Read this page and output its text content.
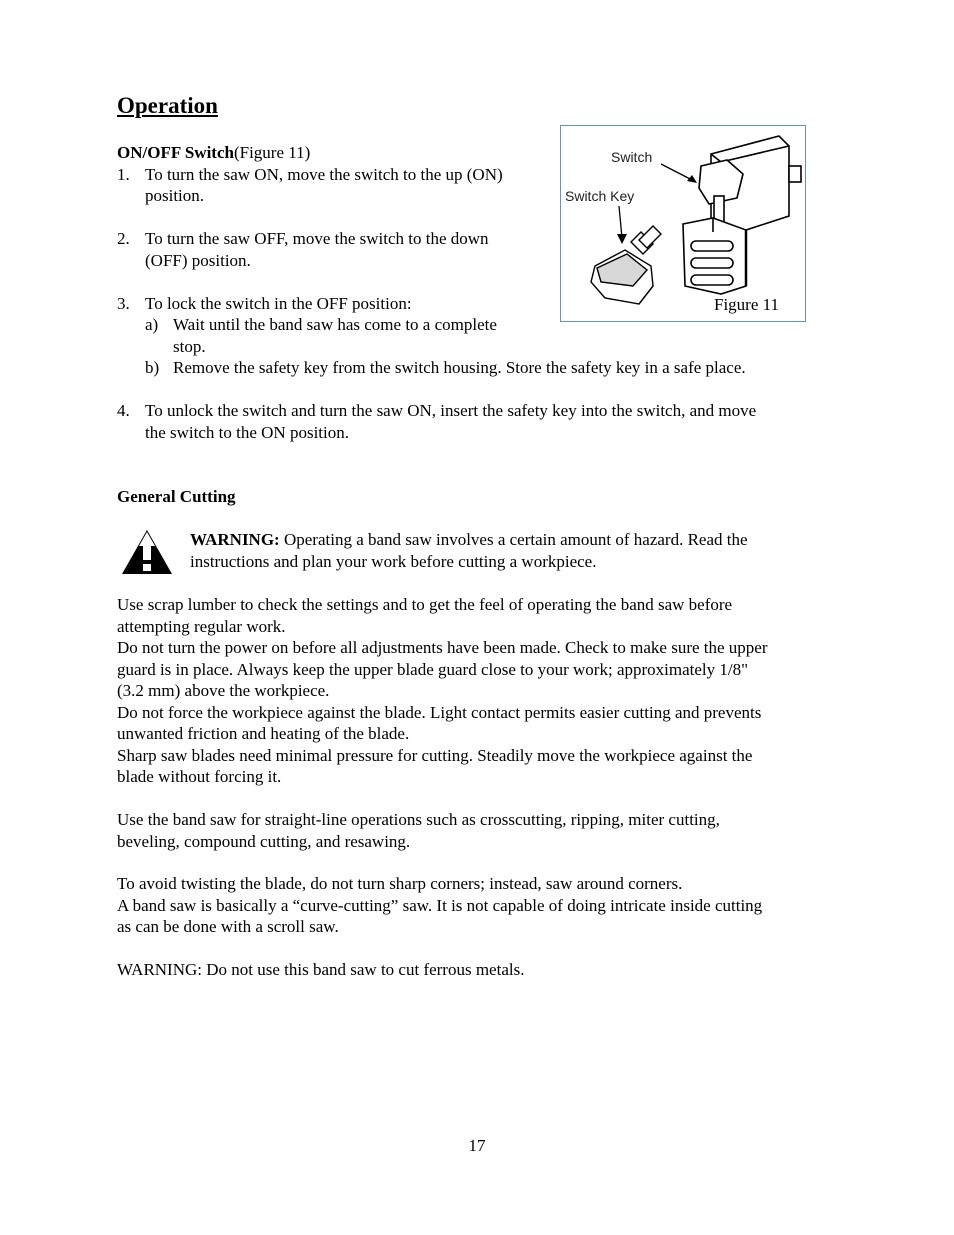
Operation
ON/OFF Switch(Figure 11)
1. To turn the saw ON, move the switch to the up (ON)
position.
2. To turn the saw OFF, move the switch to the down
(OFF) position.
3. To lock the switch in the OFF position:
a) Wait until the band saw has come to a complete
stop.
b) Remove the safety key from the switch housing. Store the safety key in a safe place.
4. To unlock the switch and turn the saw ON, insert the safety key into the switch, and move
the switch to the ON position.
Switch
Switch Key
Figure 11
General Cutting
WARNING: Operating a band saw involves a certain amount of hazard. Read the
instructions and plan your work before cutting a workpiece.
Use scrap lumber to check the settings and to get the feel of operating the band saw before
attempting regular work.
Do not turn the power on before all adjustments have been made. Check to make sure the upper
guard is in place. Always keep the upper blade guard close to your work; approximately 1/8"
(3.2 mm) above the workpiece.
Do not force the workpiece against the blade. Light contact permits easier cutting and prevents
unwanted friction and heating of the blade.
Sharp saw blades need minimal pressure for cutting. Steadily move the workpiece against the
blade without forcing it.
Use the band saw for straight-line operations such as crosscutting, ripping, miter cutting,
beveling, compound cutting, and resawing.
To avoid twisting the blade, do not turn sharp corners; instead, saw around corners.
A band saw is basically a “curve-cutting” saw. It is not capable of doing intricate inside cutting
as can be done with a scroll saw.
WARNING: Do not use this band saw to cut ferrous metals.
17
